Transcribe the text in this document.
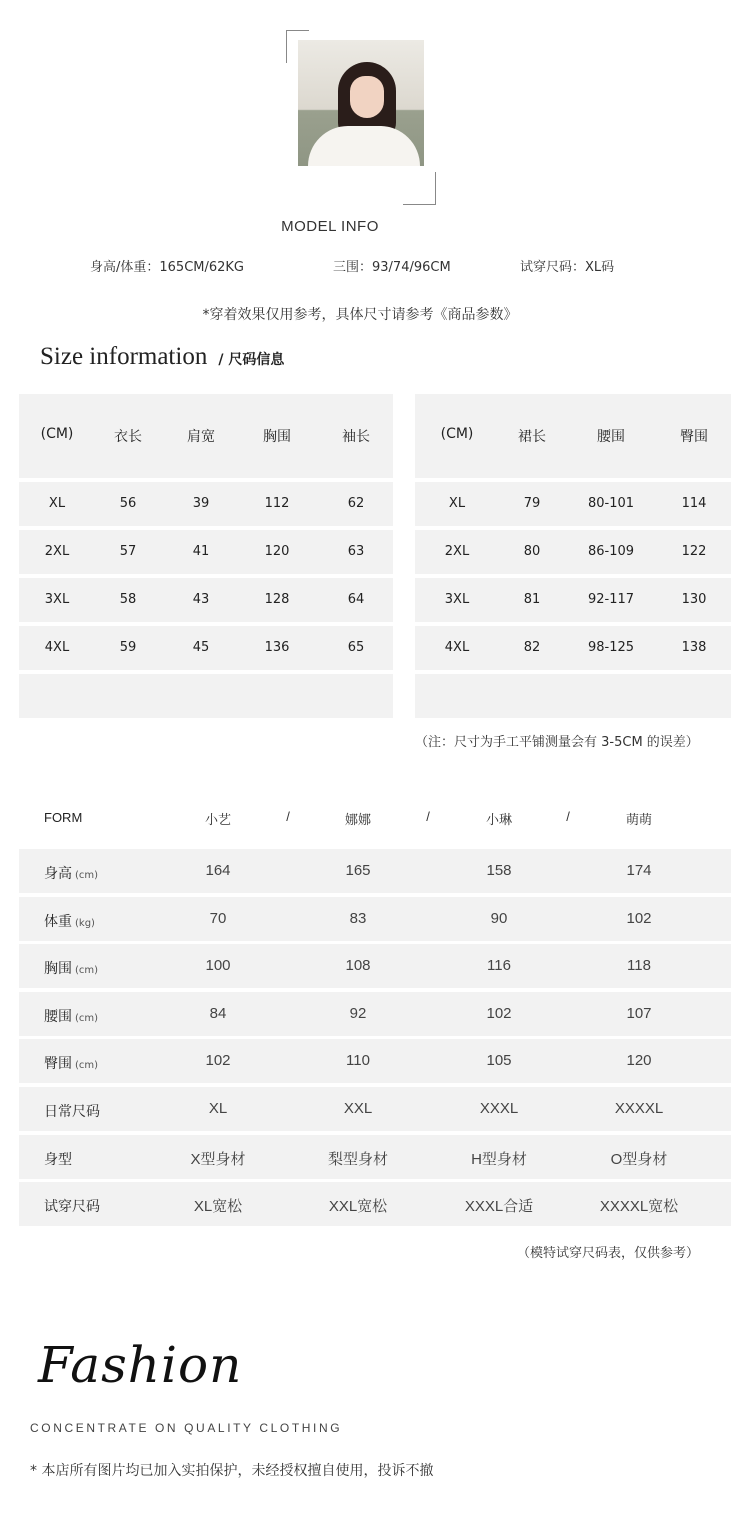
MODEL INFO
身高/体重：165CM/62KG	三围：93/74/96CM	试穿尺码：XL码
*穿着效果仅用参考，具体尺寸请参考《商品参数》
Size information / 尺码信息
(CM)	衣长	肩宽	胸围	袖长
XL	56	39	112	62
2XL	57	41	120	63
3XL	58	43	128	64
4XL	59	45	136	65
(CM)	裙长	腰围	臀围
XL	79	80-101	114
2XL	80	86-109	122
3XL	81	92-117	130
4XL	82	98-125	138
（注：尺寸为手工平铺测量会有 3-5CM 的误差）
FORM	小艺	娜娜	小琳	萌萌
/	/	/
身高 (cm)	164	165	158	174
体重 (kg)	70	83	90	102
胸围 (cm)	100	108	116	118
腰围 (cm)	84	92	102	107
臀围 (cm)	102	110	105	120
日常尺码	XL	XXL	XXXL	XXXXL
身型	X型身材	梨型身材	H型身材	O型身材
试穿尺码	XL宽松	XXL宽松	XXXL合适	XXXXL宽松
（模特试穿尺码表，仅供参考）
Fashion
CONCENTRATE ON QUALITY CLOTHING
* 本店所有图片均已加入实拍保护，未经授权擅自使用，投诉不撤
